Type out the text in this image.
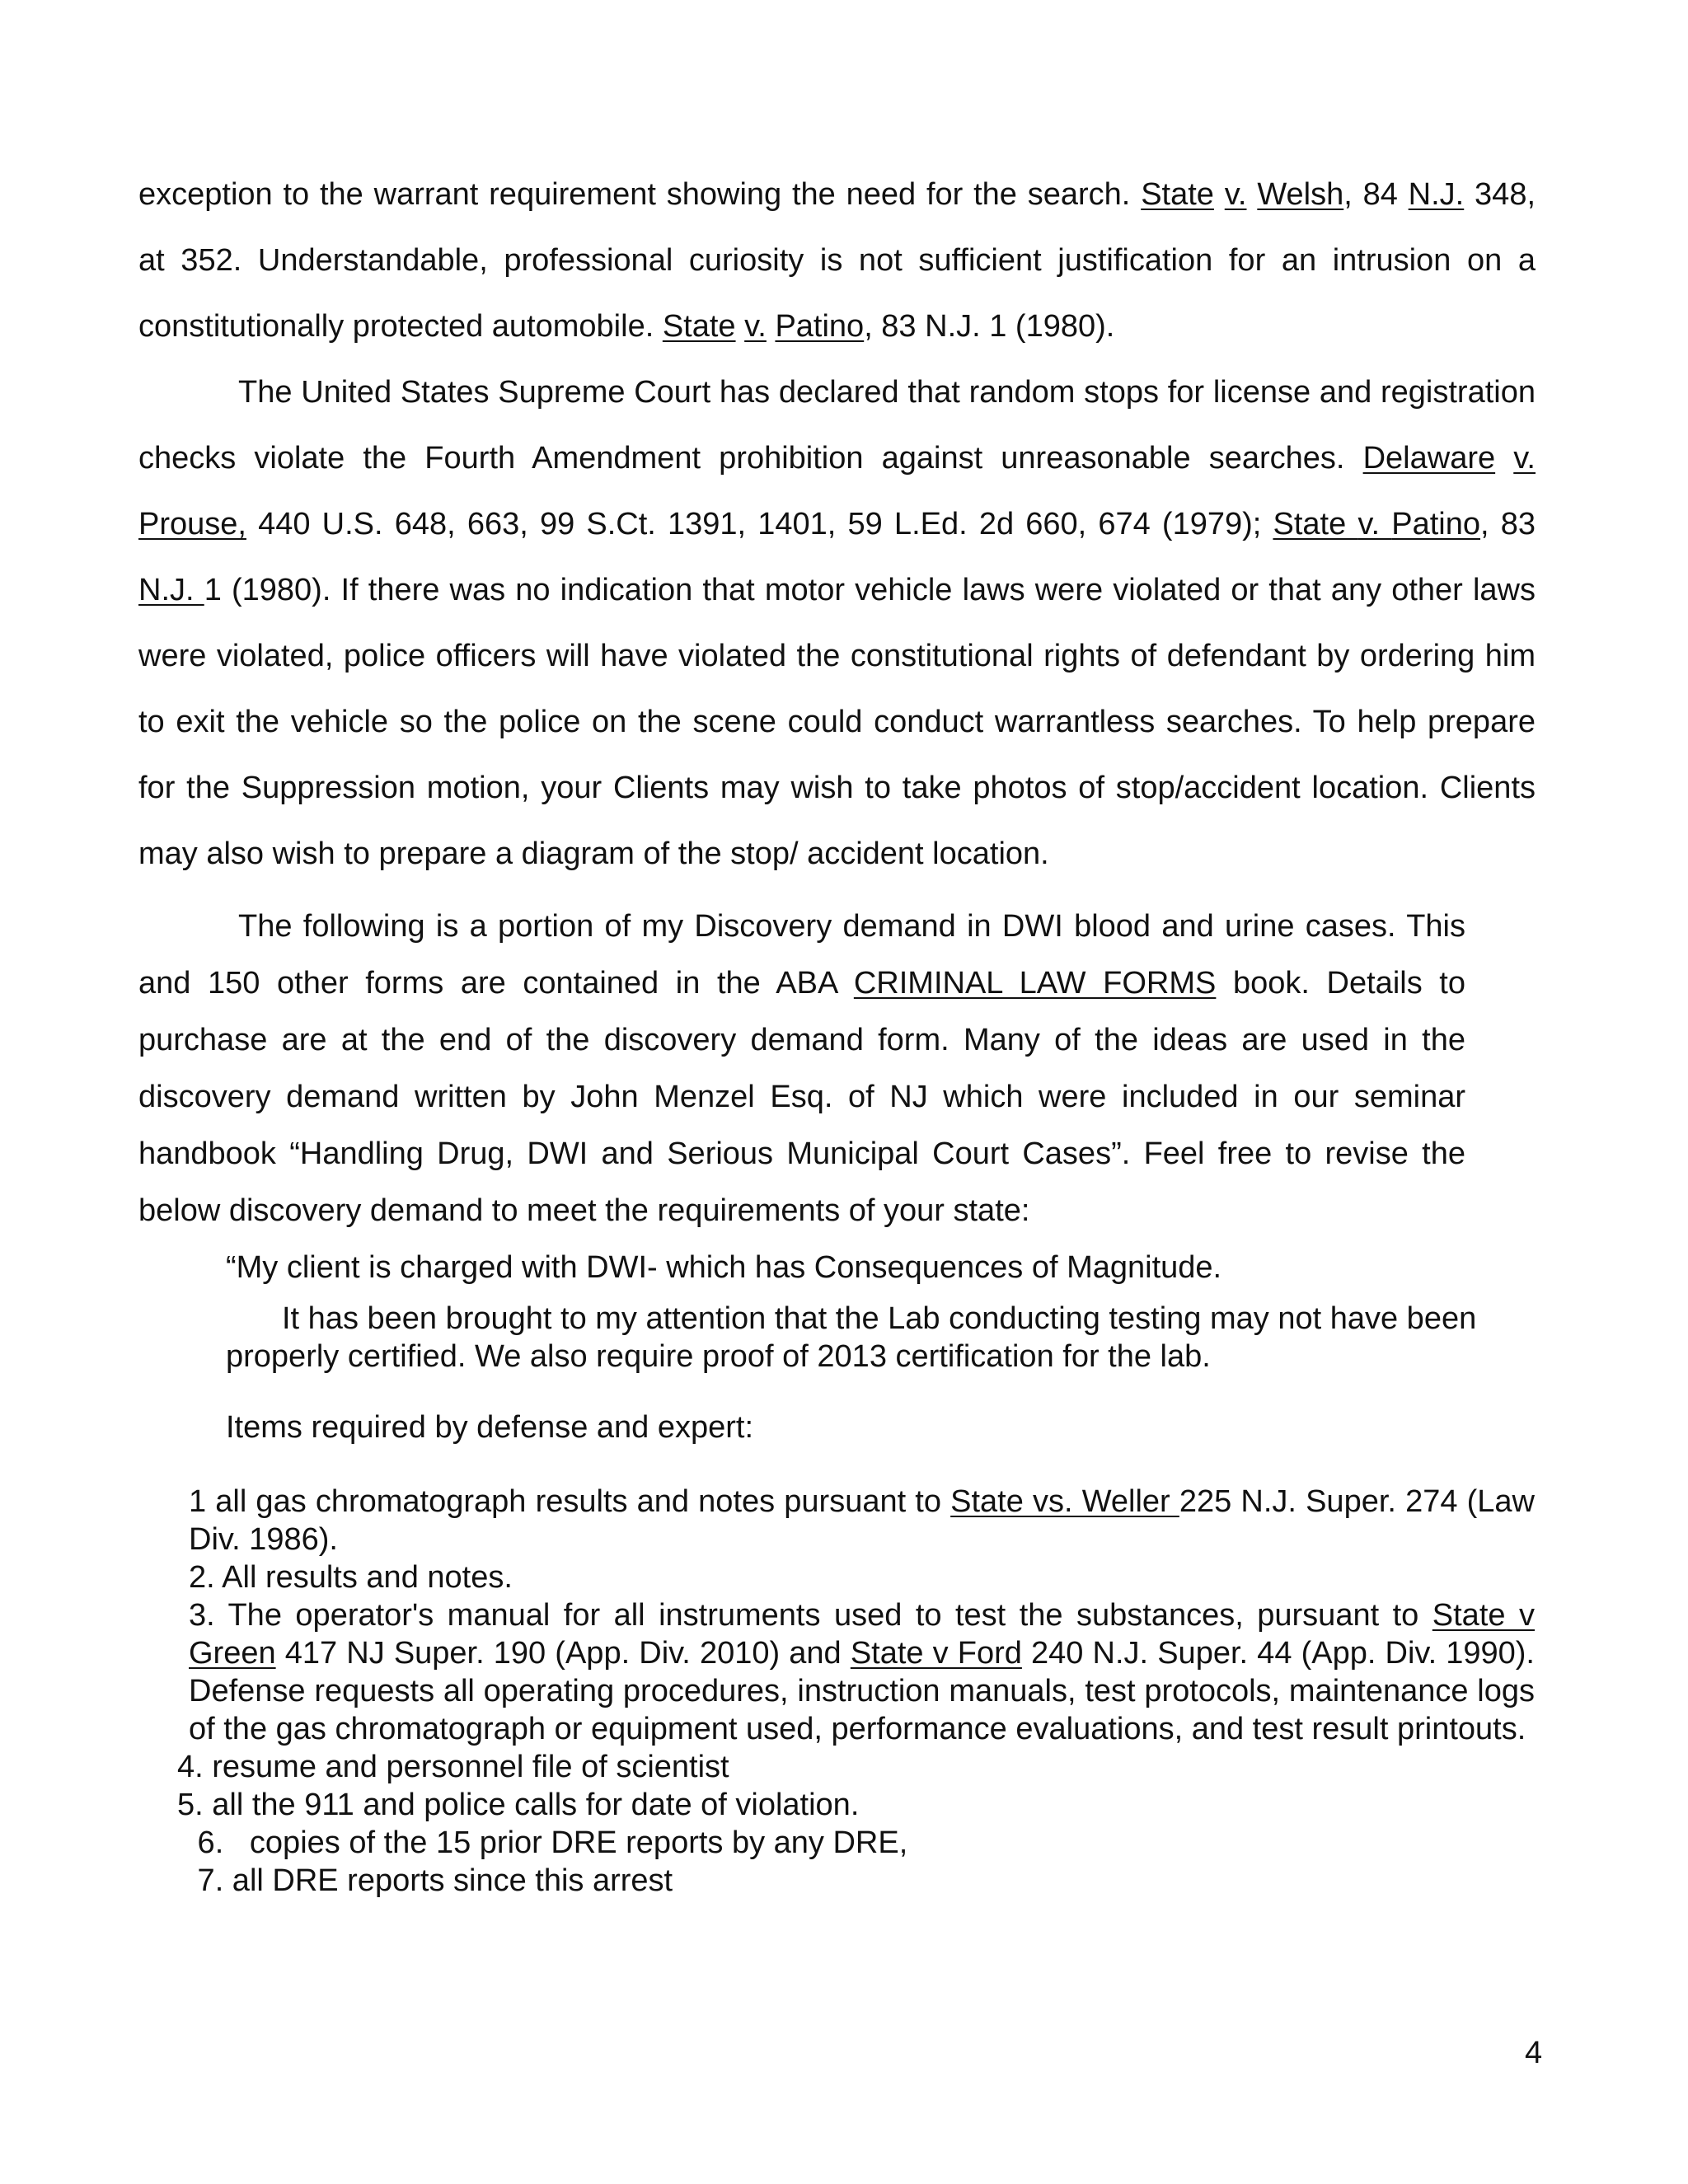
exception to the warrant requirement showing the need for the search. State v. Welsh, 84 N.J. 348, at 352. Understandable, professional curiosity is not sufficient justification for an intrusion on a constitutionally protected automobile. State v. Patino, 83 N.J. 1 (1980).

The United States Supreme Court has declared that random stops for license and registration checks violate the Fourth Amendment prohibition against unreasonable searches. Delaware v. Prouse, 440 U.S. 648, 663, 99 S.Ct. 1391, 1401, 59 L.Ed. 2d 660, 674 (1979); State v. Patino, 83 N.J. 1 (1980). If there was no indication that motor vehicle laws were violated or that any other laws were violated, police officers will have violated the constitutional rights of defendant by ordering him to exit the vehicle so the police on the scene could conduct warrantless searches. To help prepare for the Suppression motion, your Clients may wish to take photos of stop/accident location. Clients may also wish to prepare a diagram of the stop/ accident location.

The following is a portion of my Discovery demand in DWI blood and urine cases. This and 150 other forms are contained in the ABA CRIMINAL LAW FORMS book. Details to purchase are at the end of the discovery demand form. Many of the ideas are used in the discovery demand written by John Menzel Esq. of NJ which were included in our seminar handbook “Handling Drug, DWI and Serious Municipal Court Cases”. Feel free to revise the below discovery demand to meet the requirements of your state:

“My client is charged with DWI- which has Consequences of Magnitude.

It has been brought to my attention that the Lab conducting testing may not have been properly certified. We also require proof of 2013 certification for the lab.

Items required by defense and expert:

1 all gas chromatograph results and notes pursuant to State vs. Weller 225 N.J. Super. 274 (Law Div. 1986).

2. All results and notes.

3. The operator's manual for all instruments used to test the substances, pursuant to State v Green 417 NJ Super. 190 (App. Div. 2010) and State v Ford 240 N.J. Super. 44 (App. Div. 1990). Defense requests all operating procedures, instruction manuals, test protocols, maintenance logs of the gas chromatograph or equipment used, performance evaluations, and test result printouts.

4. resume and personnel file of scientist

5. all the 911 and police calls for date of violation.

6.   copies of the 15 prior DRE reports by any DRE,

7. all DRE reports since this arrest

4
